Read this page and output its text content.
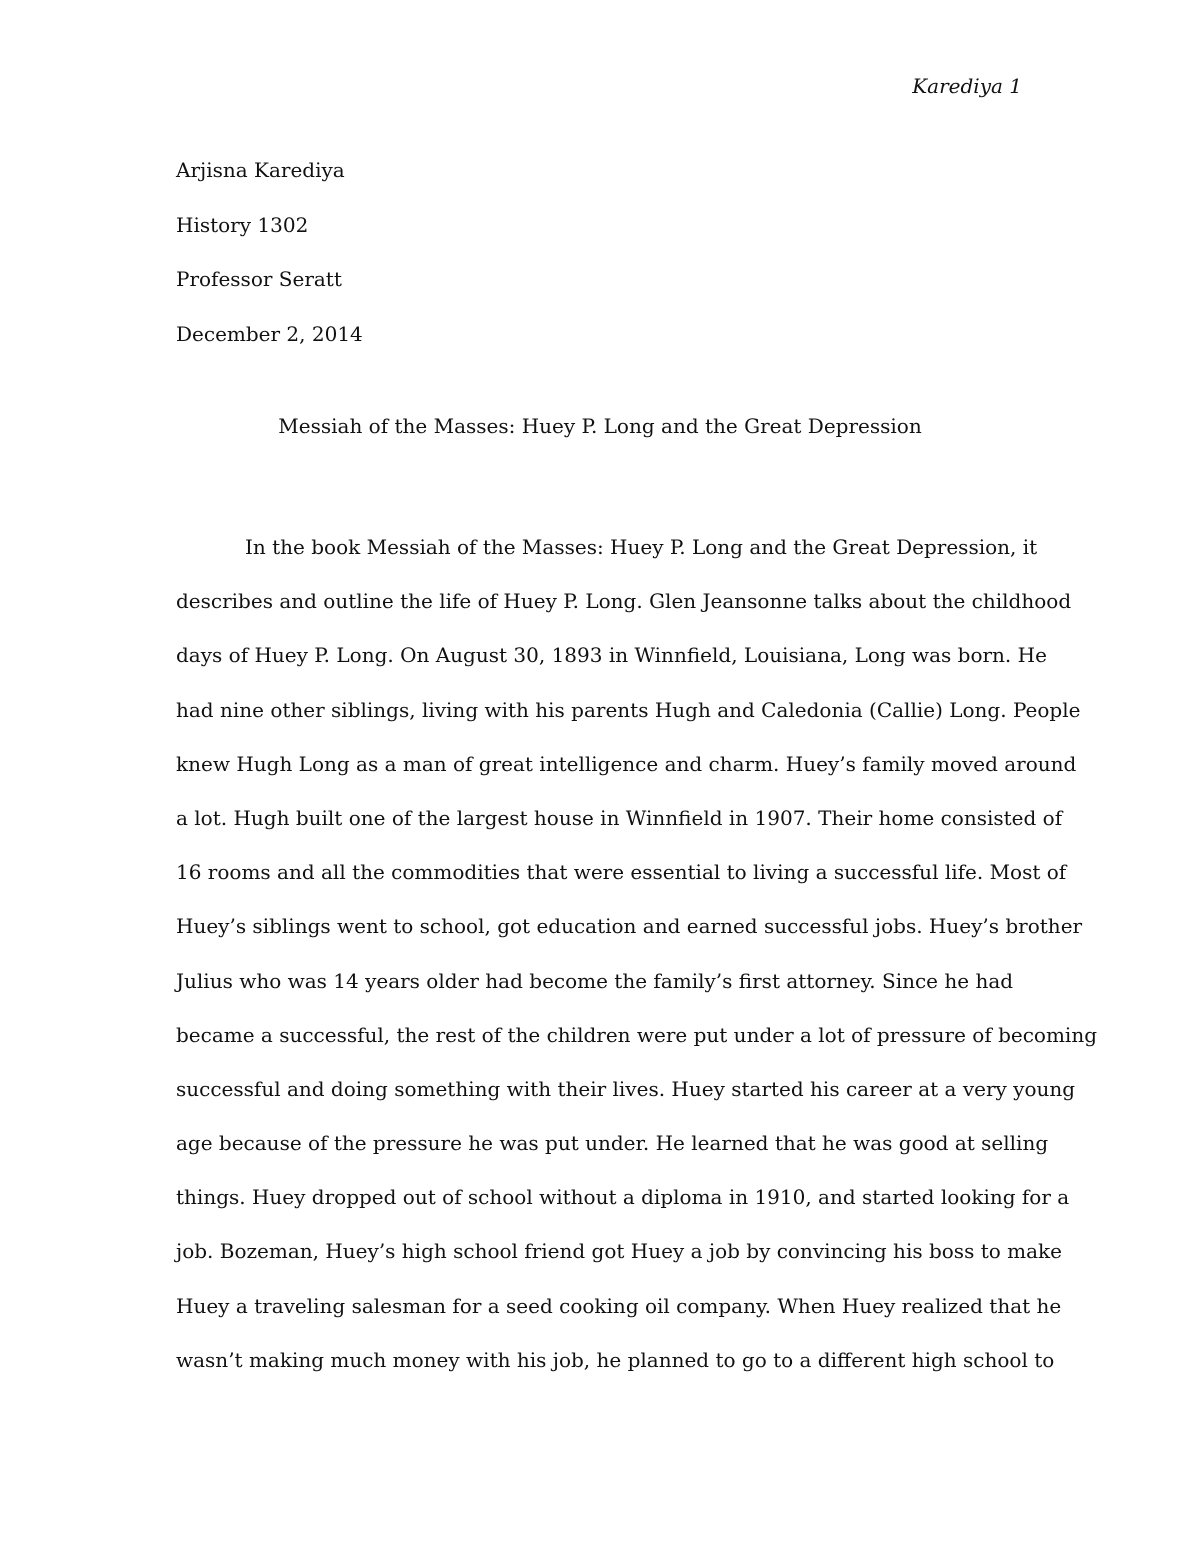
Karediya 1
Arjisna Karediya
History 1302
Professor Seratt
December 2, 2014
Messiah of the Masses: Huey P. Long and the Great Depression
In the book Messiah of the Masses: Huey P. Long and the Great Depression, it
describes and outline the life of Huey P. Long. Glen Jeansonne talks about the childhood
days of Huey P. Long. On August 30, 1893 in Winnfield, Louisiana, Long was born. He
had nine other siblings, living with his parents Hugh and Caledonia (Callie) Long. People
knew Hugh Long as a man of great intelligence and charm. Huey’s family moved around
a lot. Hugh built one of the largest house in Winnfield in 1907. Their home consisted of
16 rooms and all the commodities that were essential to living a successful life. Most of
Huey’s siblings went to school, got education and earned successful jobs. Huey’s brother
Julius who was 14 years older had become the family’s first attorney. Since he had
became a successful, the rest of the children were put under a lot of pressure of becoming
successful and doing something with their lives. Huey started his career at a very young
age because of the pressure he was put under. He learned that he was good at selling
things. Huey dropped out of school without a diploma in 1910, and started looking for a
job. Bozeman, Huey’s high school friend got Huey a job by convincing his boss to make
Huey a traveling salesman for a seed cooking oil company. When Huey realized that he
wasn’t making much money with his job, he planned to go to a different high school to
